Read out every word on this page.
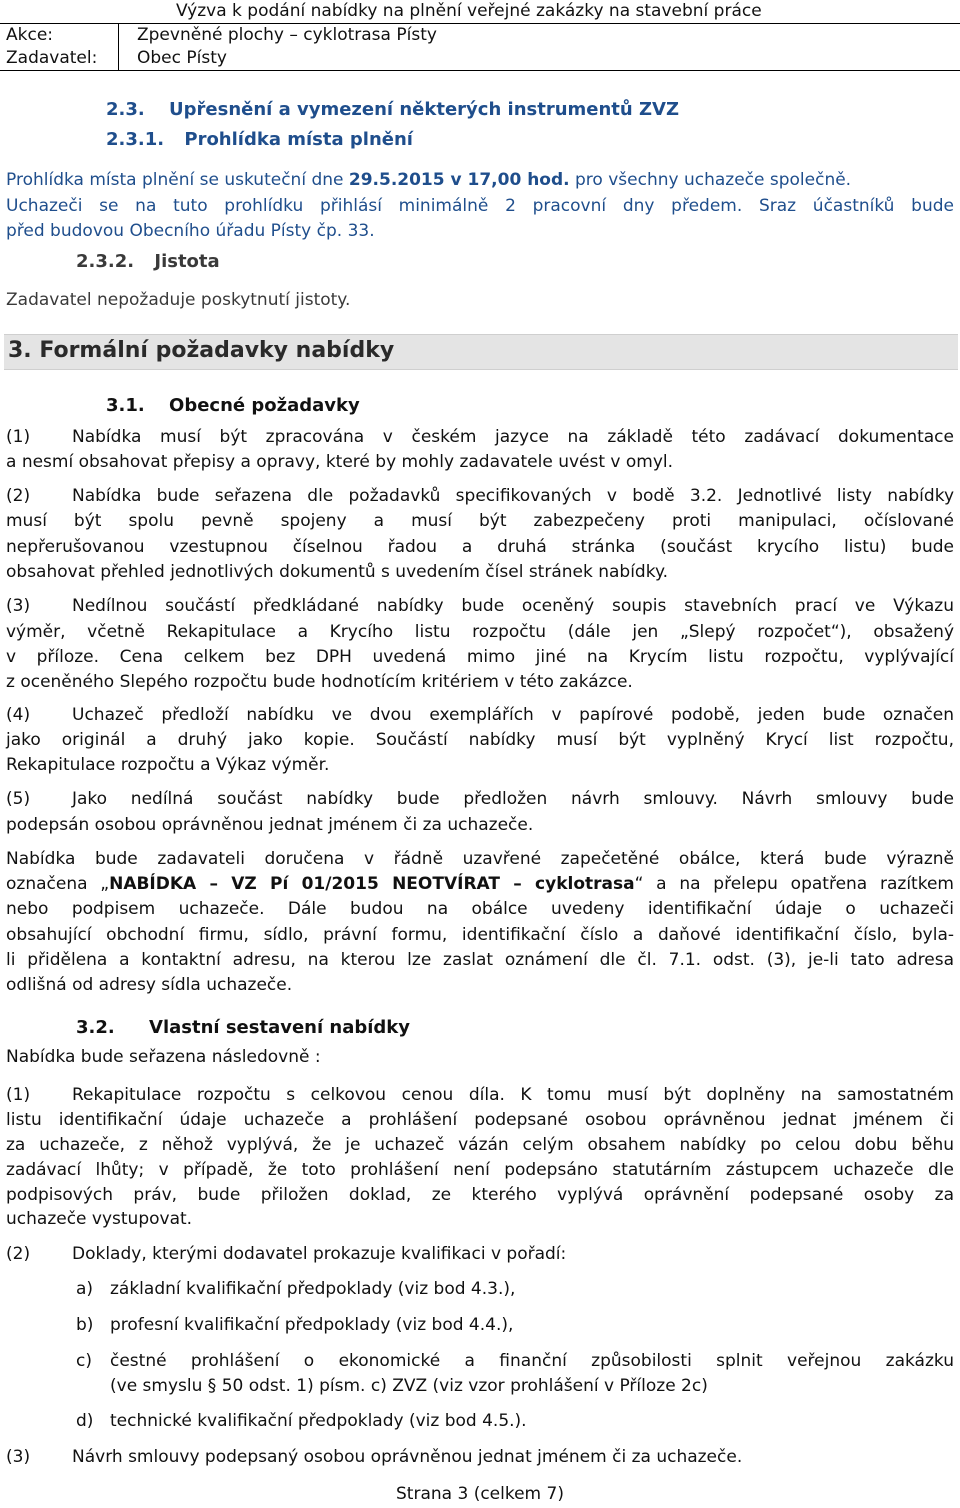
Výzva k podání nabídky na plnění veřejné zakázky na stavební práce	
Akce:	Zpevněné plochy – cyklotrasa Písty
Zadavatel:	Obec Písty
2.3. Upřesnění a vymezení některých instrumentů ZVZ
2.3.1. Prohlídka místa plnění
Prohlídka místa plnění se uskuteční dne 29.5.2015 v 17,00 hod. pro všechny uchazeče společně.
Uchazeči se na tuto prohlídku přihlásí minimálně 2 pracovní dny předem. Sraz účastníků bude
před budovou Obecního úřadu Písty čp. 33.
2.3.2. Jistota
Zadavatel nepožaduje poskytnutí jistoty.
3. Formální požadavky nabídky
3.1. Obecné požadavky
(1) Nabídka musí být zpracována v českém jazyce na základě této zadávací dokumentace
a nesmí obsahovat přepisy a opravy, které by mohly zadavatele uvést v omyl.
(2) Nabídka bude seřazena dle požadavků specifikovaných v bodě 3.2. Jednotlivé listy nabídky
musí být spolu pevně spojeny a musí být zabezpečeny proti manipulaci, očíslované
nepřerušovanou vzestupnou číselnou řadou a druhá stránka (součást krycího listu) bude
obsahovat přehled jednotlivých dokumentů s uvedením čísel stránek nabídky.
(3) Nedílnou součástí předkládané nabídky bude oceněný soupis stavebních prací ve Výkazu
výměr, včetně Rekapitulace a Krycího listu rozpočtu (dále jen „Slepý rozpočet“), obsažený
v příloze. Cena celkem bez DPH uvedená mimo jiné na Krycím listu rozpočtu, vyplývající
z oceněného Slepého rozpočtu bude hodnotícím kritériem v této zakázce.
(4) Uchazeč předloží nabídku ve dvou exemplářích v papírové podobě, jeden bude označen
jako originál a druhý jako kopie. Součástí nabídky musí být vyplněný Krycí list rozpočtu,
Rekapitulace rozpočtu a Výkaz výměr.
(5) Jako nedílná součást nabídky bude předložen návrh smlouvy. Návrh smlouvy bude
podepsán osobou oprávněnou jednat jménem či za uchazeče.
Nabídka bude zadavateli doručena v řádně uzavřené zapečetěné obálce, která bude výrazně
označena „NABÍDKA – VZ Pí 01/2015 NEOTVÍRAT – cyklotrasa“ a na přelepu opatřena razítkem
nebo podpisem uchazeče. Dále budou na obálce uvedeny identifikační údaje o uchazeči
obsahující obchodní firmu, sídlo, právní formu, identifikační číslo a daňové identifikační číslo, byla-
li přidělena a kontaktní adresu, na kterou lze zaslat oznámení dle čl. 7.1. odst. (3), je-li tato adresa
odlišná od adresy sídla uchazeče.
3.2. Vlastní sestavení nabídky
Nabídka bude seřazena následovně :
(1) Rekapitulace rozpočtu s celkovou cenou díla. K tomu musí být doplněny na samostatném
listu identifikační údaje uchazeče a prohlášení podepsané osobou oprávněnou jednat jménem či
za uchazeče, z něhož vyplývá, že je uchazeč vázán celým obsahem nabídky po celou dobu běhu
zadávací lhůty; v případě, že toto prohlášení není podepsáno statutárním zástupcem uchazeče dle
podpisových práv, bude přiložen doklad, ze kterého vyplývá oprávnění podepsané osoby za
uchazeče vystupovat.
(2) Doklady, kterými dodavatel prokazuje kvalifikaci v pořadí:
a) základní kvalifikační předpoklady (viz bod 4.3.),
b) profesní kvalifikační předpoklady (viz bod 4.4.),
c) čestné prohlášení o ekonomické a finanční způsobilosti splnit veřejnou zakázku
(ve smyslu § 50 odst. 1) písm. c) ZVZ (viz vzor prohlášení v Příloze 2c)
d) technické kvalifikační předpoklady (viz bod 4.5.).
(3) Návrh smlouvy podepsaný osobou oprávněnou jednat jménem či za uchazeče.
Strana 3 (celkem 7)
